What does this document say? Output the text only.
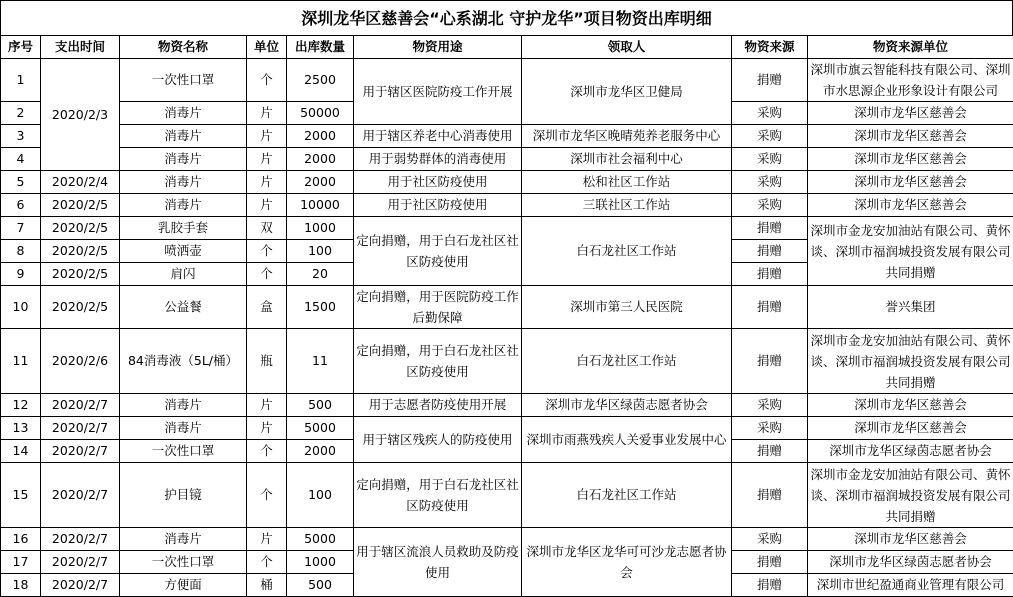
深圳龙华区慈善会“心系湖北 守护龙华”项目物资出库明细
序号	支出时间	物资名称	单位	出库数量	物资用途	领取人	物资来源	物资来源单位
1	2020/2/3	一次性口罩	个	2500	用于辖区医院防疫工作开展	深圳市龙华区卫健局	捐赠	深圳市旗云智能科技有限公司、深圳市水思源企业形象设计有限公司
2		消毒片	片	50000			采购	深圳市龙华区慈善会
3		消毒片	片	2000	用于辖区养老中心消毒使用	深圳市龙华区晚晴苑养老服务中心	采购	深圳市龙华区慈善会
4		消毒片	片	2000	用于弱势群体的消毒使用	深圳市社会福利中心	采购	深圳市龙华区慈善会
5	2020/2/4	消毒片	片	2000	用于社区防疫使用	松和社区工作站	采购	深圳市龙华区慈善会
6	2020/2/5	消毒片	片	10000	用于社区防疫使用	三联社区工作站	采购	深圳市龙华区慈善会
7	2020/2/5	乳胶手套	双	1000	定向捐赠，用于白石龙社区社区防疫使用	白石龙社区工作站	捐赠	深圳市金龙安加油站有限公司、黄怀谈、深圳市福润城投资发展有限公司 共同捐赠
8	2020/2/5	喷洒壶	个	100			捐赠	
9	2020/2/5	肩闪	个	20			捐赠	
10	2020/2/5	公益餐	盒	1500	定向捐赠，用于医院防疫工作后勤保障	深圳市第三人民医院	捐赠	誉兴集团
11	2020/2/6	84消毒液（5L/桶）	瓶	11	定向捐赠，用于白石龙社区社区防疫使用	白石龙社区工作站	捐赠	深圳市金龙安加油站有限公司、黄怀谈、深圳市福润城投资发展有限公司 共同捐赠
12	2020/2/7	消毒片	片	500	用于志愿者防疫使用开展	深圳市龙华区绿茵志愿者协会	采购	深圳市龙华区慈善会
13	2020/2/7	消毒片	片	5000	用于辖区残疾人的防疫使用	深圳市雨燕残疾人关爱事业发展中心	采购	深圳市龙华区慈善会
14	2020/2/7	一次性口罩	个	2000			捐赠	深圳市龙华区绿茵志愿者协会
15	2020/2/7	护目镜	个	100	定向捐赠，用于白石龙社区社区防疫使用	白石龙社区工作站	捐赠	深圳市金龙安加油站有限公司、黄怀谈、深圳市福润城投资发展有限公司 共同捐赠
16	2020/2/7	消毒片	片	5000	用于辖区流浪人员救助及防疫使用	深圳市龙华区龙华可可沙龙志愿者协会	采购	深圳市龙华区慈善会
17	2020/2/7	一次性口罩	个	1000			捐赠	深圳市龙华区绿茵志愿者协会
18	2020/2/7	方便面	桶	500			捐赠	深圳市世纪盈通商业管理有限公司
